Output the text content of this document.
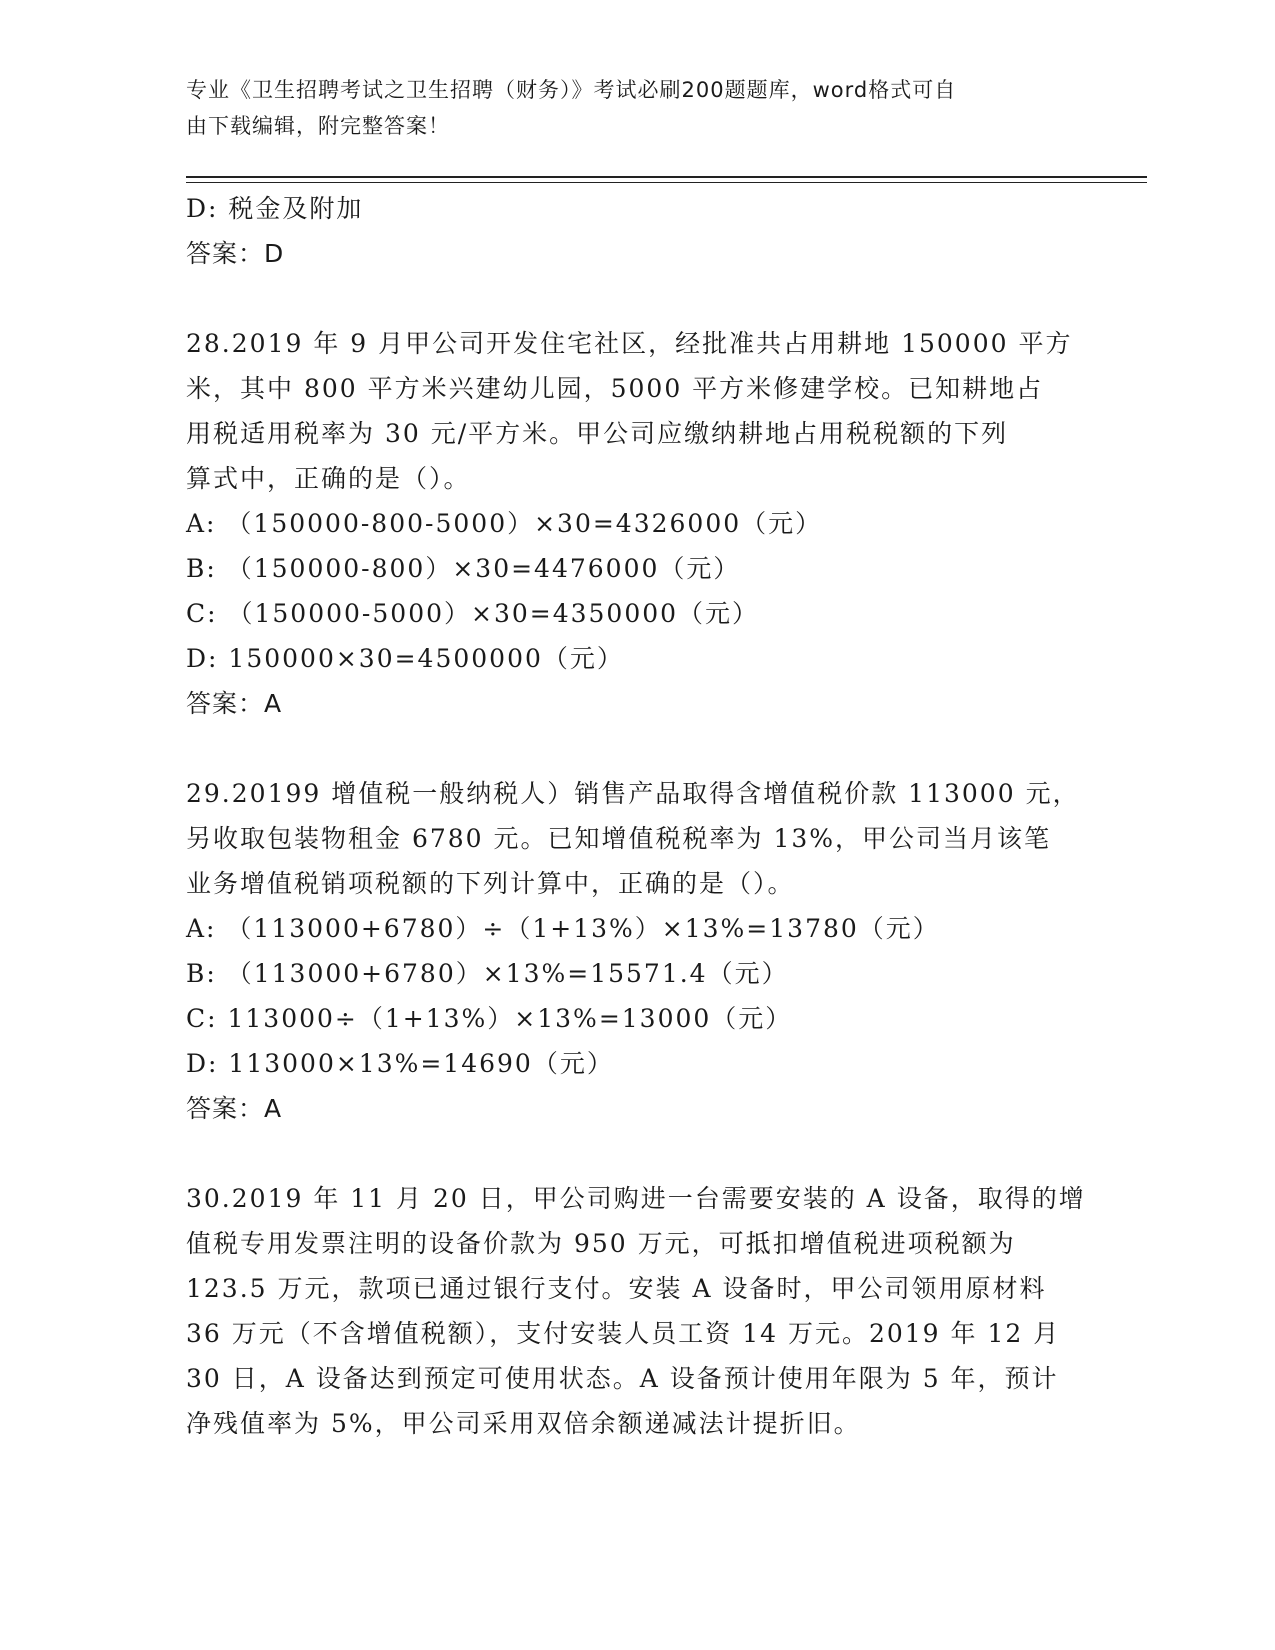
专业《卫生招聘考试之卫生招聘（财务）》考试必刷200题题库，word格式可自
由下载编辑，附完整答案！
D: 税金及附加
答案：D
28.2019 年 9 月甲公司开发住宅社区，经批准共占用耕地 150000 平方
米，其中 800 平方米兴建幼儿园，5000 平方米修建学校。已知耕地占
用税适用税率为 30 元/平方米。甲公司应缴纳耕地占用税税额的下列
算式中，正确的是（）。
A: （150000-800-5000）×30=4326000（元）
B: （150000-800）×30=4476000（元）
C: （150000-5000）×30=4350000（元）
D: 150000×30=4500000（元）
答案：A
29.20199 增值税一般纳税人）销售产品取得含增值税价款 113000 元，
另收取包装物租金 6780 元。已知增值税税率为 13%，甲公司当月该笔
业务增值税销项税额的下列计算中，正确的是（）。
A: （113000+6780）÷（1+13%）×13%=13780（元）
B: （113000+6780）×13%=15571.4（元）
C: 113000÷（1+13%）×13%=13000（元）
D: 113000×13%=14690（元）
答案：A
30.2019 年 11 月 20 日，甲公司购进一台需要安装的 A 设备，取得的增
值税专用发票注明的设备价款为 950 万元，可抵扣增值税进项税额为
123.5 万元，款项已通过银行支付。安装 A 设备时，甲公司领用原材料
36 万元（不含增值税额），支付安装人员工资 14 万元。2019 年 12 月
30 日，A 设备达到预定可使用状态。A 设备预计使用年限为 5 年，预计
净残值率为 5%，甲公司采用双倍余额递减法计提折旧。
